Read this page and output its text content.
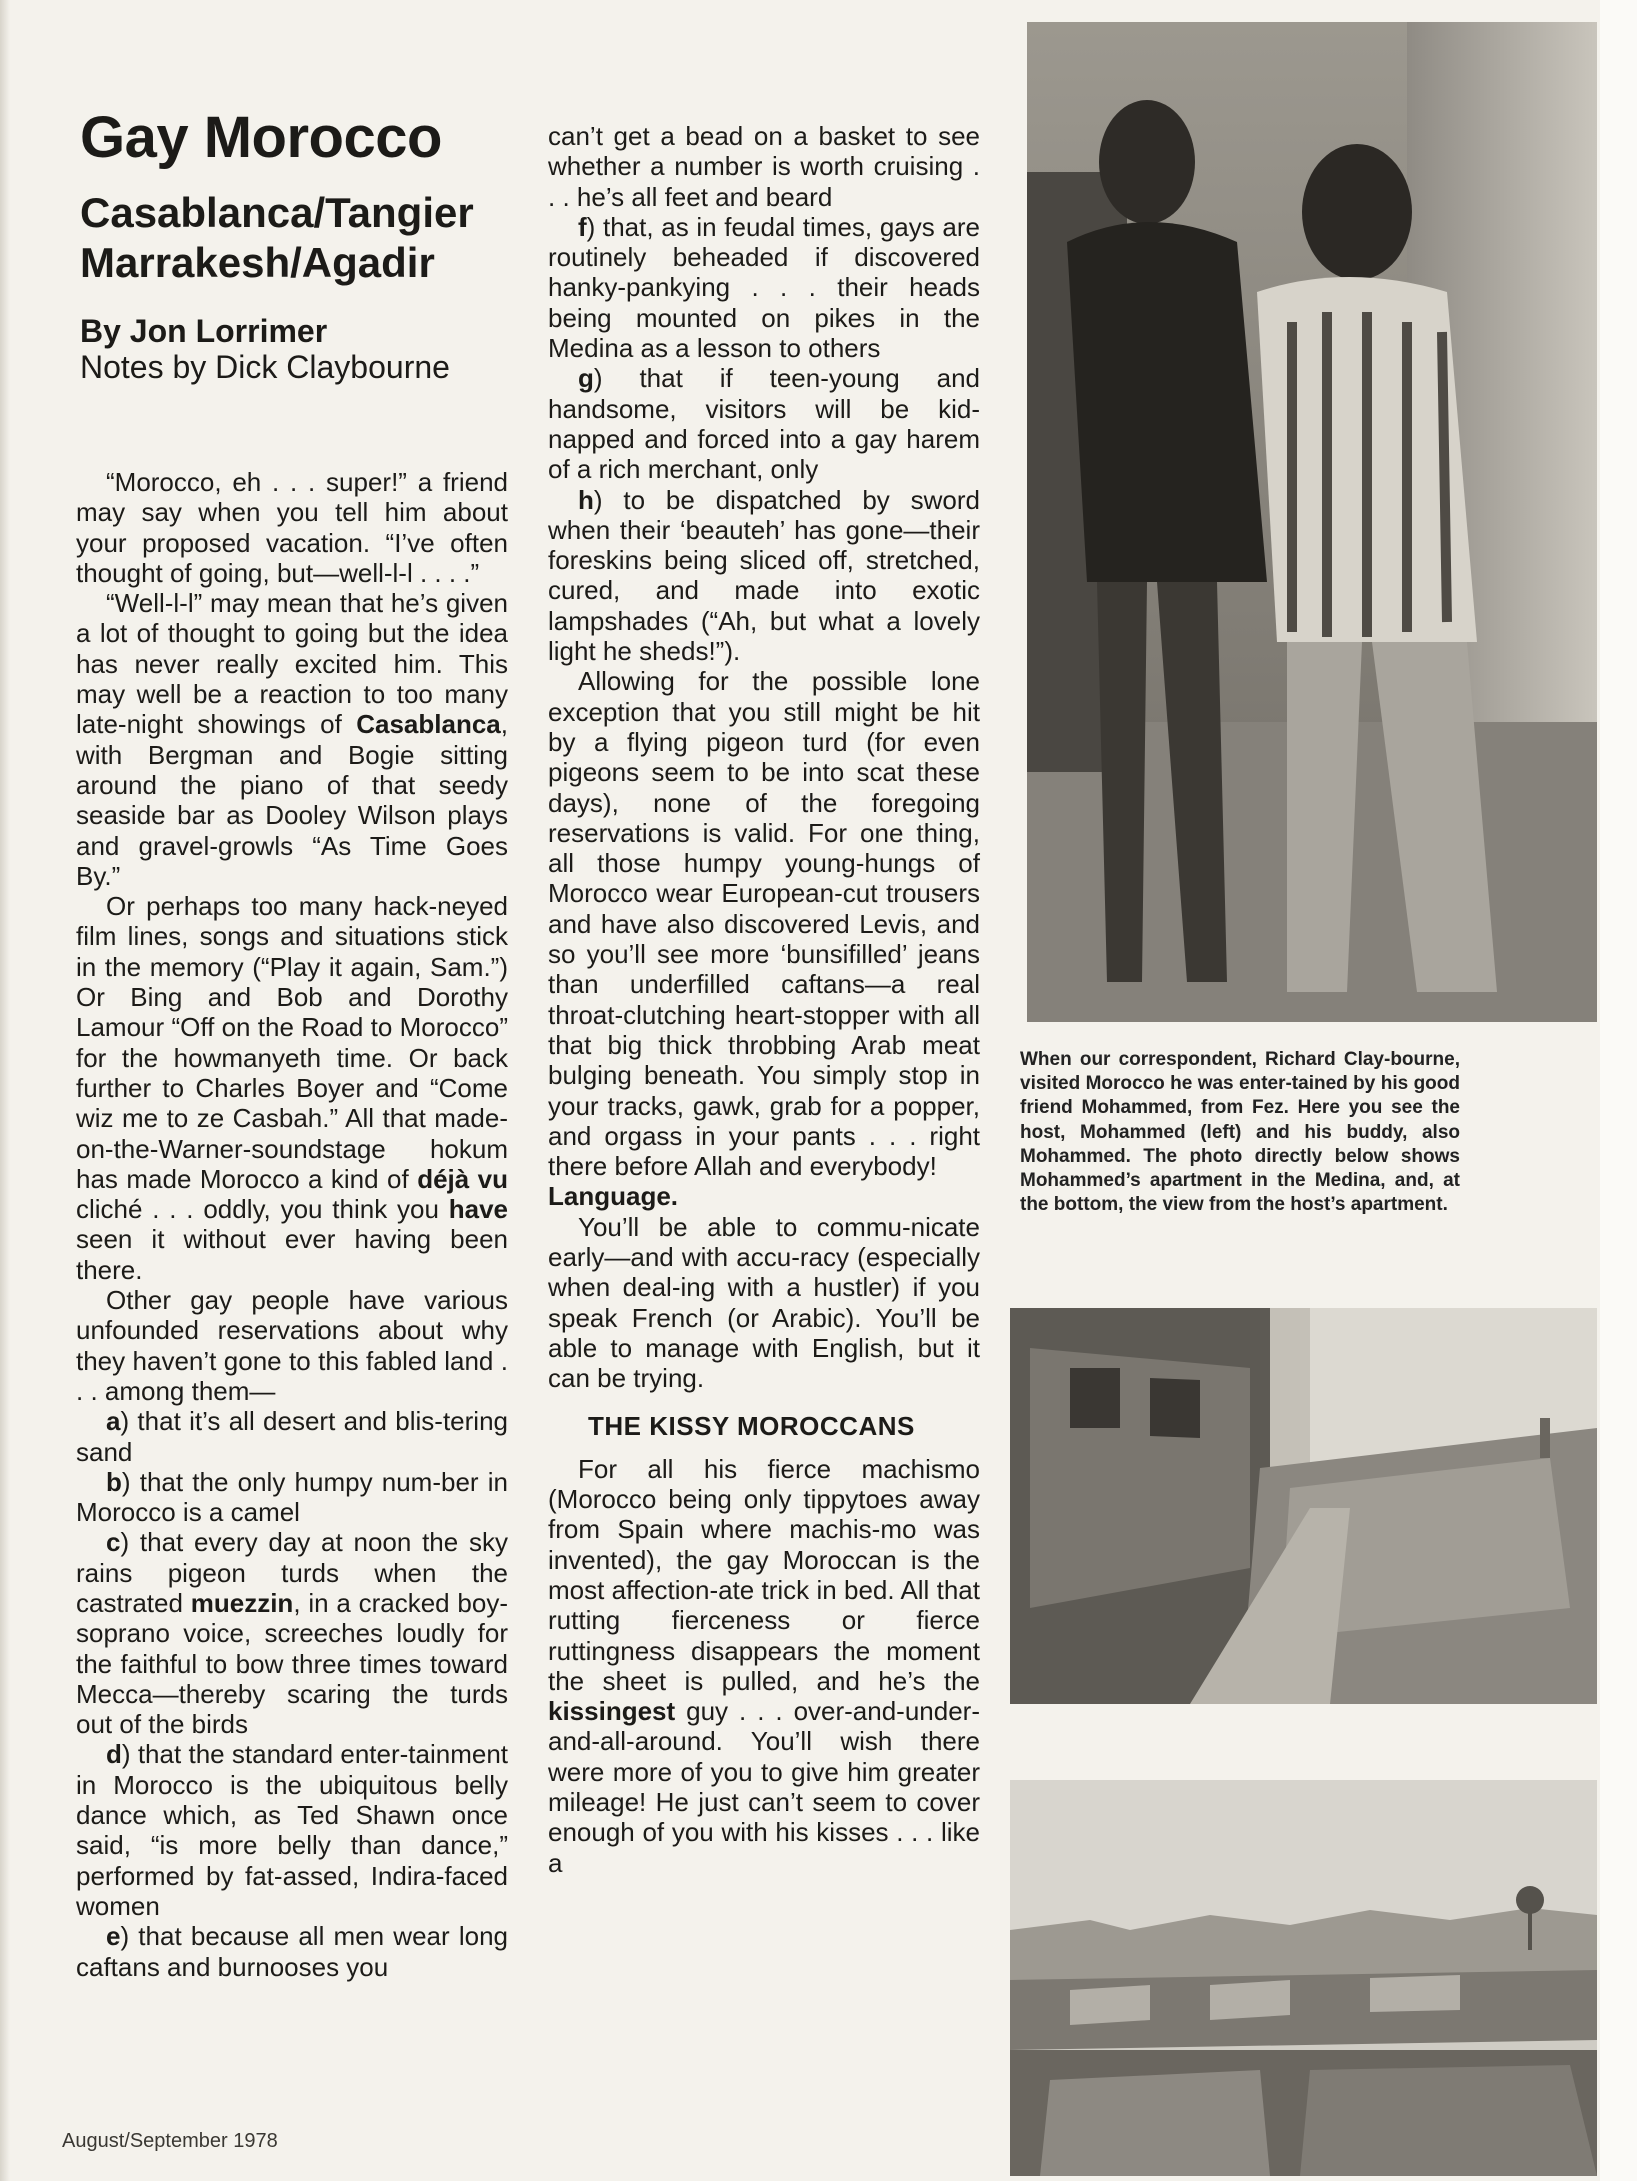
Gay Morocco
Casablanca/Tangier
Marrakesh/Agadir
By Jon Lorrimer
Notes by Dick Claybourne

“Morocco, eh . . . super!” a friend may say when you tell him about your proposed vacation. “I’ve often thought of going, but—well-l-l . . . .”

“Well-l-l” may mean that he’s given a lot of thought to going but the idea has never really excited him. This may well be a reaction to too many late-night showings of Casablanca, with Bergman and Bogie sitting around the piano of that seedy seaside bar as Dooley Wilson plays and gravel-growls “As Time Goes By.”

Or perhaps too many hack-neyed film lines, songs and situations stick in the memory (“Play it again, Sam.”) Or Bing and Bob and Dorothy Lamour “Off on the Road to Morocco” for the howmanyeth time. Or back further to Charles Boyer and “Come wiz me to ze Casbah.” All that made-on-the-Warner-soundstage hokum has made Morocco a kind of déjà vu cliché . . . oddly, you think you have seen it without ever having been there.

Other gay people have various unfounded reservations about why they haven’t gone to this fabled land . . . among them—

a) that it’s all desert and blis-tering sand

b) that the only humpy num-ber in Morocco is a camel

c) that every day at noon the sky rains pigeon turds when the castrated muezzin, in a cracked boy-soprano voice, screeches loudly for the faithful to bow three times toward Mecca—thereby scaring the turds out of the birds

d) that the standard enter-tainment in Morocco is the ubiquitous belly dance which, as Ted Shawn once said, “is more belly than dance,” performed by fat-assed, Indira-faced women

e) that because all men wear long caftans and burnooses you

can’t get a bead on a basket to see whether a number is worth cruising . . . he’s all feet and beard

f) that, as in feudal times, gays are routinely beheaded if discovered hanky-pankying . . . their heads being mounted on pikes in the Medina as a lesson to others

g) that if teen-young and handsome, visitors will be kid-napped and forced into a gay harem of a rich merchant, only

h) to be dispatched by sword when their ‘beauteh’ has gone—their foreskins being sliced off, stretched, cured, and made into exotic lampshades (“Ah, but what a lovely light he sheds!”).

Allowing for the possible lone exception that you still might be hit by a flying pigeon turd (for even pigeons seem to be into scat these days), none of the foregoing reservations is valid. For one thing, all those humpy young-hungs of Morocco wear European-cut trousers and have also discovered Levis, and so you’ll see more ‘bunsifilled’ jeans than underfilled caftans—a real throat-clutching heart-stopper with all that big thick throbbing Arab meat bulging beneath. You simply stop in your tracks, gawk, grab for a popper, and orgass in your pants . . . right there before Allah and everybody!

Language.

You’ll be able to commu-nicate early—and with accu-racy (especially when deal-ing with a hustler) if you speak French (or Arabic). You’ll be able to manage with English, but it can be trying.

THE KISSY MOROCCANS

For all his fierce machismo (Morocco being only tippytoes away from Spain where machis-mo was invented), the gay Moroccan is the most affection-ate trick in bed. All that rutting fierceness or fierce ruttingness disappears the moment the sheet is pulled, and he’s the kissingest guy . . . over-and-under-and-all-around. You’ll wish there were more of you to give him greater mileage! He just can’t seem to cover enough of you with his kisses . . . like a

When our correspondent, Richard Clay-bourne, visited Morocco he was enter-tained by his good friend Mohammed, from Fez. Here you see the host, Mohammed (left) and his buddy, also Mohammed. The photo directly below shows Mohammed’s apartment in the Medina, and, at the bottom, the view from the host’s apartment.
August/September 1978
